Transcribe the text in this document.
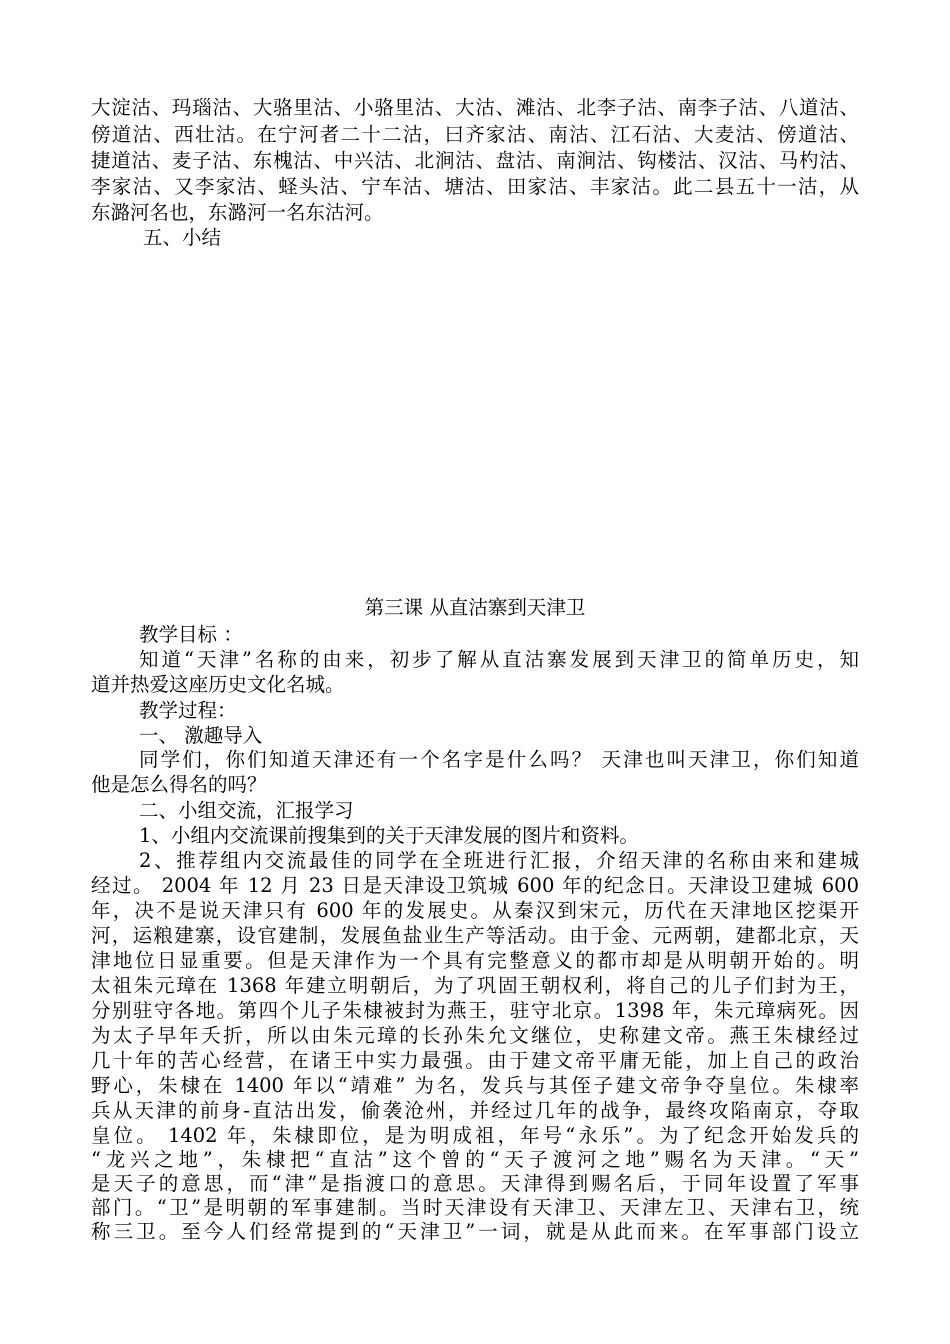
大淀沽、玛瑙沽、大骆里沽、小骆里沽、大沽、滩沽、北李子沽、南李子沽、八道沽、
傍道沽、西壮沽。在宁河者二十二沽，曰齐家沽、南沽、江石沽、大麦沽、傍道沽、
捷道沽、麦子沽、东槐沽、中兴沽、北涧沽、盘沽、南涧沽、钩楼沽、汉沽、马杓沽、
李家沽、又李家沽、蛏头沽、宁车沽、塘沽、田家沽、丰家沽。此二县五十一沽，从
东潞河名也，东潞河一名东沽河。
五、小结
第三课 从直沽寨到天津卫
教学目标 ：
知道“天津”名称的由来，初步了解从直沽寨发展到天津卫的简单历史，知
道并热爱这座历史文化名城。
教学过程：
一、 激趣导入
同学们，你们知道天津还有一个名字是什么吗？ 天津也叫天津卫，你们知道
他是怎么得名的吗？
二、小组交流，汇报学习
1、小组内交流课前搜集到的关于天津发展的图片和资料。
2、推荐组内交流最佳的同学在全班进行汇报，介绍天津的名称由来和建城
经过。 2004 年 12 月 23 日是天津设卫筑城 600 年的纪念日。天津设卫建城 600
年，决不是说天津只有 600 年的发展史。从秦汉到宋元，历代在天津地区挖渠开
河，运粮建寨，设官建制，发展鱼盐业生产等活动。由于金、元两朝，建都北京，天
津地位日显重要。但是天津作为一个具有完整意义的都市却是从明朝开始的。明
太祖朱元璋在 1368 年建立明朝后，为了巩固王朝权利，将自己的儿子们封为王，
分别驻守各地。第四个儿子朱棣被封为燕王，驻守北京。1398 年，朱元璋病死。因
为太子早年夭折，所以由朱元璋的长孙朱允文继位，史称建文帝。燕王朱棣经过
几十年的苦心经营，在诸王中实力最强。由于建文帝平庸无能，加上自己的政治
野心，朱棣在 1400 年以“靖难” 为名，发兵与其侄子建文帝争夺皇位。朱棣率
兵从天津的前身-直沽出发，偷袭沧州，并经过几年的战争，最终攻陷南京，夺取
皇位。 1402 年，朱棣即位，是为明成祖，年号“永乐”。为了纪念开始发兵的
“龙兴之地”，朱棣把“直沽”这个曾的“天子渡河之地”赐名为天津。“天”
是天子的意思，而“津”是指渡口的意思。天津得到赐名后，于同年设置了军事
部门。“卫”是明朝的军事建制。当时天津设有天津卫、天津左卫、天津右卫，统
称三卫。至今人们经常提到的“天津卫”一词，就是从此而来。在军事部门设立
